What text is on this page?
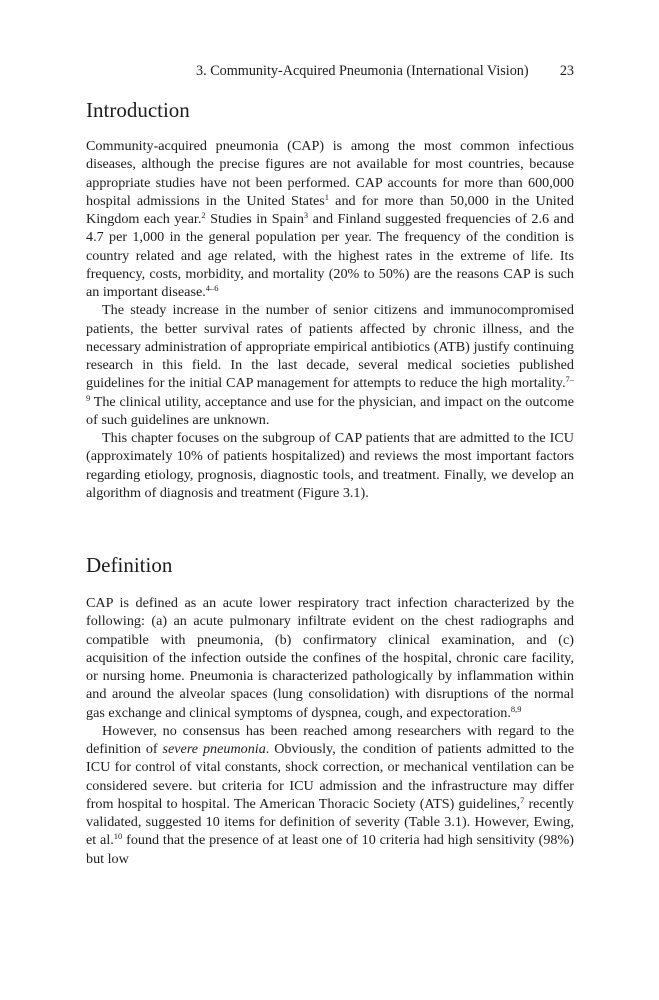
3. Community-Acquired Pneumonia (International Vision) 23
Introduction

Community-acquired pneumonia (CAP) is among the most common infectious diseases, although the precise figures are not available for most countries, because appropriate studies have not been performed. CAP accounts for more than 600,000 hospital admissions in the United States$^1$ and for more than 50,000 in the United Kingdom each year.$^2$ Studies in Spain$^3$ and Finland suggested frequencies of 2.6 and 4.7 per 1,000 in the general population per year. The frequency of the condition is country related and age related, with the highest rates in the extreme of life. Its frequency, costs, morbidity, and mortality (20% to 50%) are the reasons CAP is such an important disease.$^{4-6}$

The steady increase in the number of senior citizens and immunocompromised patients, the better survival rates of patients affected by chronic illness, and the necessary administration of appropriate empirical antibiotics (ATB) justify continuing research in this field. In the last decade, several medical societies published guidelines for the initial CAP management for attempts to reduce the high mortality.$^{7-9}$ The clinical utility, acceptance and use for the physician, and impact on the outcome of such guidelines are unknown.

This chapter focuses on the subgroup of CAP patients that are admitted to the ICU (approximately 10% of patients hospitalized) and reviews the most important factors regarding etiology, prognosis, diagnostic tools, and treatment. Finally, we develop an algorithm of diagnosis and treatment (Figure 3.1).

Definition

CAP is defined as an acute lower respiratory tract infection characterized by the following: (a) an acute pulmonary infiltrate evident on the chest radiographs and compatible with pneumonia, (b) confirmatory clinical examination, and (c) acquisition of the infection outside the confines of the hospital, chronic care facility, or nursing home. Pneumonia is characterized pathologically by inflammation within and around the alveolar spaces (lung consolidation) with disruptions of the normal gas exchange and clinical symptoms of dyspnea, cough, and expectoration.$^{8,9}$

However, no consensus has been reached among researchers with regard to the definition of severe pneumonia. Obviously, the condition of patients admitted to the ICU for control of vital constants, shock correction, or mechanical ventilation can be considered severe. but criteria for ICU admission and the infrastructure may differ from hospital to hospital. The American Thoracic Society (ATS) guidelines,$^7$ recently validated, suggested 10 items for definition of severity (Table 3.1). However, Ewing, et al.$^{10}$ found that the presence of at least one of 10 criteria had high sensitivity (98%) but low
